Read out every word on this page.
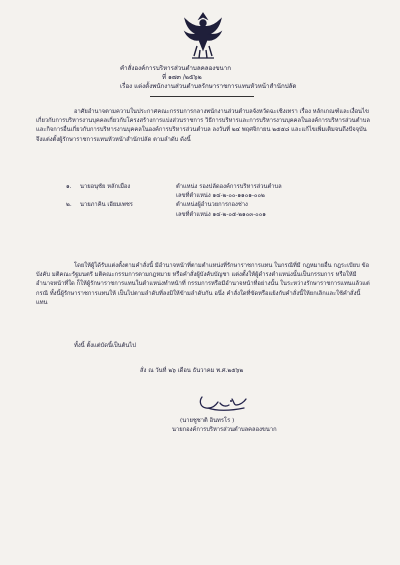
คำสั่งองค์การบริหารส่วนตำบลคลองขนาก
ที่ ๑๗๓ /๒๕๖๒
เรื่อง แต่งตั้งพนักงานส่วนตำบลรักษาราชการแทนหัวหน้าสำนักปลัด
อาศัยอำนาจตามความในประกาศคณะกรรมการกลางพนักงานส่วนตำบลจังหวัดฉะเชิงเทรา เรื่อง หลักเกณฑ์และเงื่อนไขเกี่ยวกับการบริหารงานบุคคลเกี่ยวกับโครงสร้างการแบ่งส่วนราชการ วิธีการบริหารและการบริหารงานบุคคลในองค์การบริหารส่วนตำบล และกิจการอื่นเกี่ยวกับการบริหารงานบุคคลในองค์การบริหารส่วนตำบล ลงวันที่ ๒๔ พฤศจิกายน ๒๕๕๘ และแก้ไขเพิ่มเติมจนถึงปัจจุบัน จึงแต่งตั้งผู้รักษาราชการแทนหัวหน้าสำนักปลัด ตามลำดับ ดังนี้
๑. นายอนุชัย หลักเมือง	ตำแหน่ง รองปลัดองค์การบริหารส่วนตำบล
เลขที่ตำแหน่ง ๑๔-๒-๐๐-๑๑๐๑-๐๐๒
๒. นายภาคิน เอียมเพชร	ตำแหน่งผู้อำนวยการกองช่าง
เลขที่ตำแหน่ง ๑๔-๒-๐๕-๒๑๐๓-๐๐๑
โดยให้ผู้ได้รับแต่งตั้งตามคำสั่งนี้ มีอำนาจหน้าที่ตามตำแหน่งที่รักษาราชการแทน ในกรณีที่มี กฎหมายอื่น กฎระเบียบ ข้อบังคับ มติคณะรัฐมนตรี มติคณะกรรมการตามกฎหมาย หรือคำสั่งผู้บังคับบัญชา แต่งตั้งให้ผู้ดำรงตำแหน่งนั้นเป็นกรรมการ หรือให้มีอำนาจหน้าที่ใด ก็ให้ผู้รักษาราชการแทนในตำแหน่งทำหน้าที่ กรรมการหรือมีอำนาจหน้าที่อย่างนั้น ในระหว่างรักษาราชการแทนแล้วแต่กรณี ทั้งนี้ผู้รักษาราชการแทนให้ เป็นไปตามลำดับที่ลงมิให้ข้ามลำดับกัน อนึ่ง คำสั่งใดที่ขัดหรือแย้งกับคำสั่งนี้ให้ยกเลิกและใช้คำสั่งนี้แทน
ทั้งนี้ ตั้งแต่บัดนี้เป็นต้นไป
สั่ง ณ วันที่ ๒๖ เดือน ธันวาคม พ.ศ.๒๕๖๒
(นายชูชาติ อินทรโร )
นายกองค์การบริหารส่วนตำบลคลองขนาก
